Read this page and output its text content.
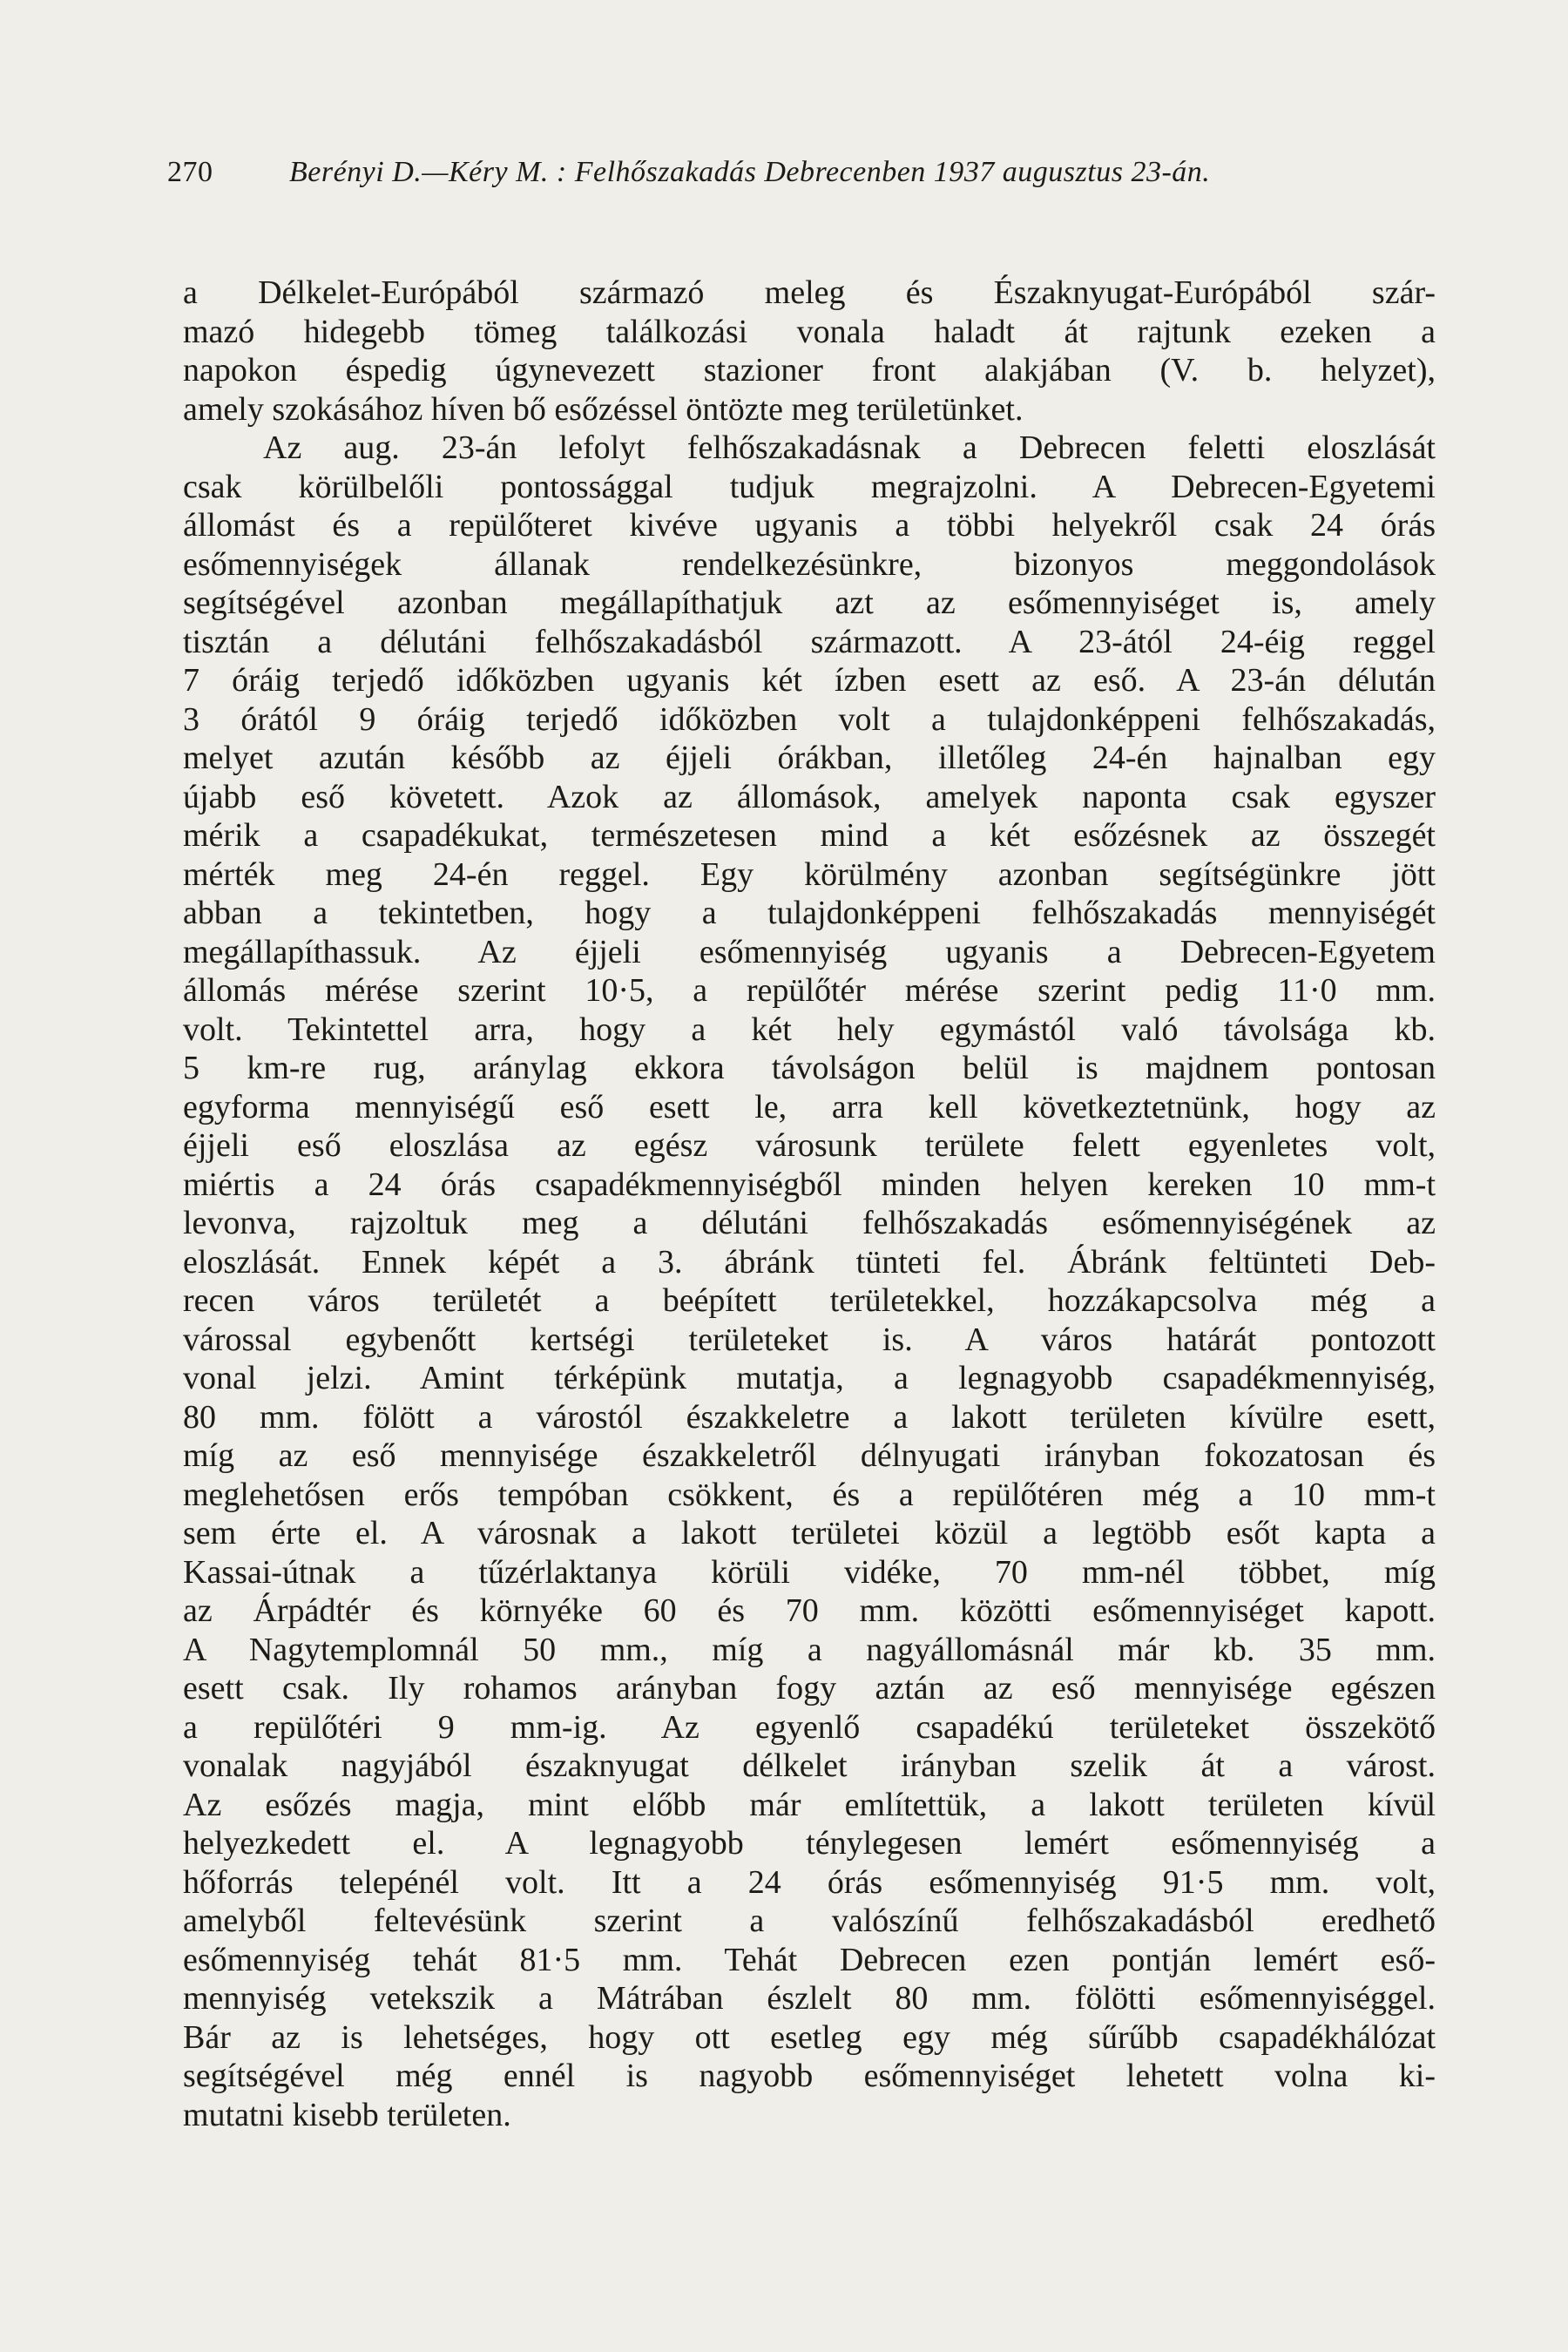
270	Berényi D.—Kéry M. : Felhőszakadás Debrecenben 1937 augusztus 23-án.
a Délkelet-Európából származó meleg és Északnyugat-Európából szár-
mazó hidegebb tömeg találkozási vonala haladt át rajtunk ezeken a
napokon éspedig úgynevezett stazioner front alakjában (V. b. helyzet),
amely szokásához híven bő esőzéssel öntözte meg területünket.
Az aug. 23-án lefolyt felhőszakadásnak a Debrecen feletti eloszlását
csak körülbelőli pontossággal tudjuk megrajzolni. A Debrecen-Egyetemi
állomást és a repülőteret kivéve ugyanis a többi helyekről csak 24 órás
esőmennyiségek állanak rendelkezésünkre, bizonyos meggondolások
segítségével azonban megállapíthatjuk azt az esőmennyiséget is, amely
tisztán a délutáni felhőszakadásból származott. A 23-ától 24-éig reggel
7 óráig terjedő időközben ugyanis két ízben esett az eső. A 23-án délután
3 órától 9 óráig terjedő időközben volt a tulajdonképpeni felhőszakadás,
melyet azután később az éjjeli órákban, illetőleg 24-én hajnalban egy
újabb eső követett. Azok az állomások, amelyek naponta csak egyszer
mérik a csapadékukat, természetesen mind a két esőzésnek az összegét
mérték meg 24-én reggel. Egy körülmény azonban segítségünkre jött
abban a tekintetben, hogy a tulajdonképpeni felhőszakadás mennyiségét
megállapíthassuk. Az éjjeli esőmennyiség ugyanis a Debrecen-Egyetem
állomás mérése szerint 10·5, a repülőtér mérése szerint pedig 11·0 mm.
volt. Tekintettel arra, hogy a két hely egymástól való távolsága kb.
5 km-re rug, aránylag ekkora távolságon belül is majdnem pontosan
egyforma mennyiségű eső esett le, arra kell következtetnünk, hogy az
éjjeli eső eloszlása az egész városunk területe felett egyenletes volt,
miértis a 24 órás csapadékmennyiségből minden helyen kereken 10 mm-t
levonva, rajzoltuk meg a délutáni felhőszakadás esőmennyiségének az
eloszlását. Ennek képét a 3. ábránk tünteti fel. Ábránk feltünteti Deb-
recen város területét a beépített területekkel, hozzákapcsolva még a
várossal egybenőtt kertségi területeket is. A város határát pontozott
vonal jelzi. Amint térképünk mutatja, a legnagyobb csapadékmennyiség,
80 mm. fölött a várostól északkeletre a lakott területen kívülre esett,
míg az eső mennyisége északkeletről délnyugati irányban fokozatosan és
meglehetősen erős tempóban csökkent, és a repülőtéren még a 10 mm-t
sem érte el. A városnak a lakott területei közül a legtöbb esőt kapta a
Kassai-útnak a tűzérlaktanya körüli vidéke, 70 mm-nél többet, míg
az Árpádtér és környéke 60 és 70 mm. közötti esőmennyiséget kapott.
A Nagytemplomnál 50 mm., míg a nagyállomásnál már kb. 35 mm.
esett csak. Ily rohamos arányban fogy aztán az eső mennyisége egészen
a repülőtéri 9 mm-ig. Az egyenlő csapadékú területeket összekötő
vonalak nagyjából északnyugat délkelet irányban szelik át a várost.
Az esőzés magja, mint előbb már említettük, a lakott területen kívül
helyezkedett el. A legnagyobb ténylegesen lemért esőmennyiség a
hőforrás telepénél volt. Itt a 24 órás esőmennyiség 91·5 mm. volt,
amelyből feltevésünk szerint a valószínű felhőszakadásból eredhető
esőmennyiség tehát 81·5 mm. Tehát Debrecen ezen pontján lemért eső-
mennyiség vetekszik a Mátrában észlelt 80 mm. fölötti esőmennyiséggel.
Bár az is lehetséges, hogy ott esetleg egy még sűrűbb csapadékhálózat
segítségével még ennél is nagyobb esőmennyiséget lehetett volna ki-
mutatni kisebb területen.
